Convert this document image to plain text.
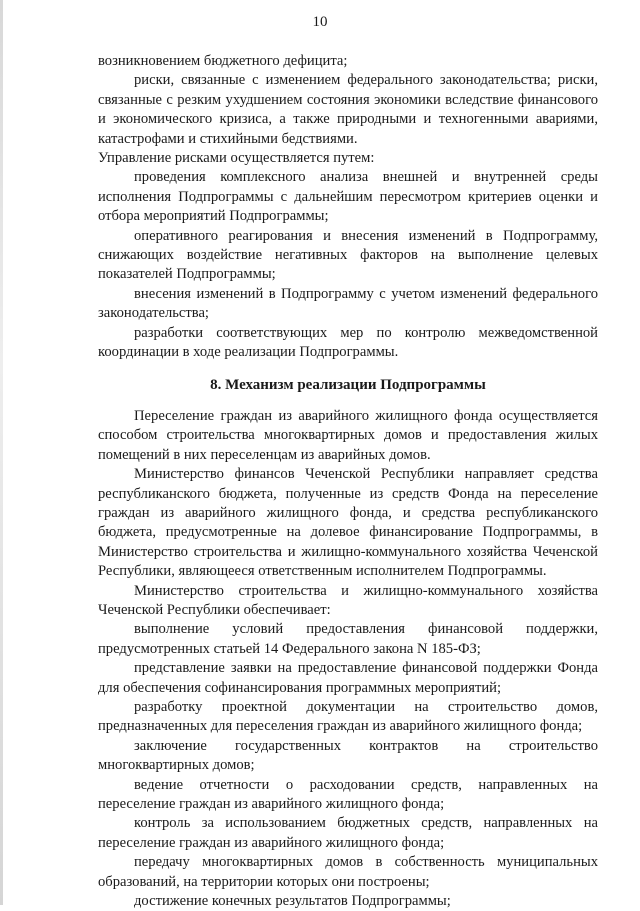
10

возникновением бюджетного дефицита;

риски, связанные с изменением федерального законодательства; риски, связанные с резким ухудшением состояния экономики вследствие финансового и экономического кризиса, а также природными и техногенными авариями, катастрофами и стихийными бедствиями.

Управление рисками осуществляется путем:

проведения комплексного анализа внешней и внутренней среды исполнения Подпрограммы с дальнейшим пересмотром критериев оценки и отбора мероприятий Подпрограммы;

оперативного реагирования и внесения изменений в Подпрограмму, снижающих воздействие негативных факторов на выполнение целевых показателей Подпрограммы;

внесения изменений в Подпрограмму с учетом изменений федерального законодательства;

разработки соответствующих мер по контролю межведомственной координации в ходе реализации Подпрограммы.

8. Механизм реализации Подпрограммы

Переселение граждан из аварийного жилищного фонда осуществляется способом строительства многоквартирных домов и предоставления жилых помещений в них переселенцам из аварийных домов.

Министерство финансов Чеченской Республики направляет средства республиканского бюджета, полученные из средств Фонда на переселение граждан из аварийного жилищного фонда, и средства республиканского бюджета, предусмотренные на долевое финансирование Подпрограммы, в Министерство строительства и жилищно-коммунального хозяйства Чеченской Республики, являющееся ответственным исполнителем Подпрограммы.

Министерство строительства и жилищно-коммунального хозяйства Чеченской Республики обеспечивает:

выполнение условий предоставления финансовой поддержки, предусмотренных статьей 14 Федерального закона N 185-ФЗ;

представление заявки на предоставление финансовой поддержки Фонда для обеспечения софинансирования программных мероприятий;

разработку проектной документации на строительство домов, предназначенных для переселения граждан из аварийного жилищного фонда;

заключение государственных контрактов на строительство многоквартирных домов;

ведение отчетности о расходовании средств, направленных на переселение граждан из аварийного жилищного фонда;

контроль за использованием бюджетных средств, направленных на переселение граждан из аварийного жилищного фонда;

передачу многоквартирных домов в собственность муниципальных образований, на территории которых они построены;

достижение конечных результатов Подпрограммы;
